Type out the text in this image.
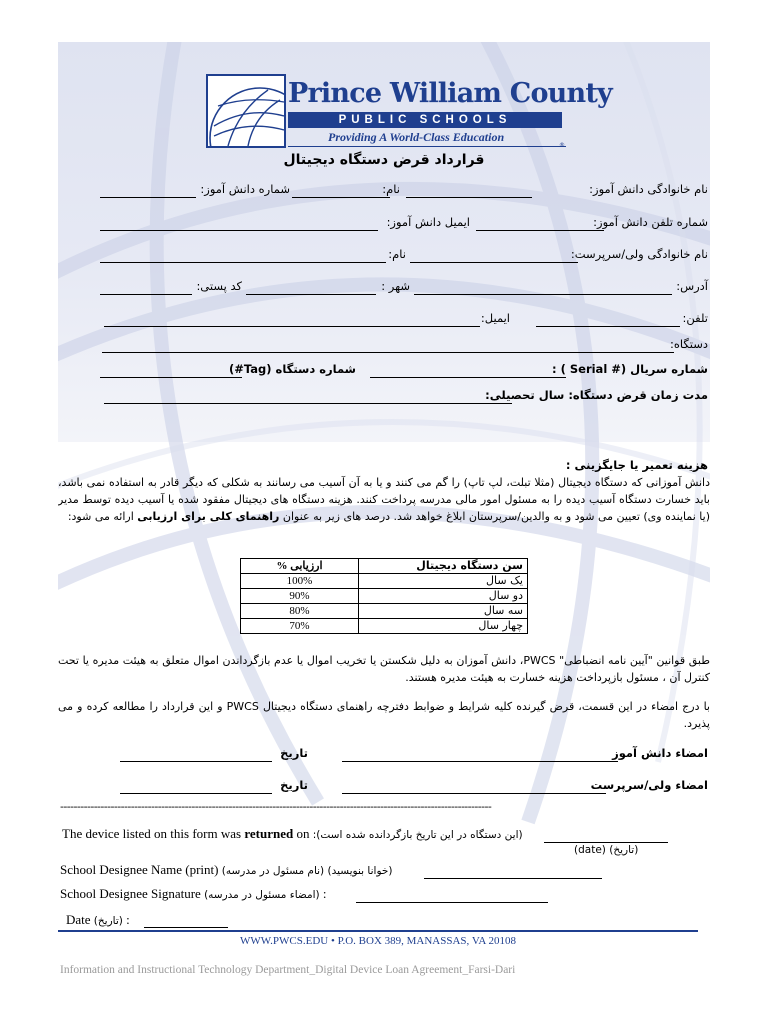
Prince William County
PUBLIC SCHOOLS
Providing A World-Class Education
®
قرارداد قرض دستگاه دیجیتال
نام خانوادگی دانش آموز:
نام:
شماره دانش آموز:
شماره تلفن دانش آموز:
ایمیل دانش آموز:
نام خانوادگی ولی/سرپرست:
نام:
آدرس:
شهر :
کد پستی:
تلفن:
ایمیل:
دستگاه:
شماره سریال (# Serial ) :
شماره دستگاه (Tag#)
مدت زمان قرض دستگاه: سال تحصیلی:
هزینه تعمیر یا جایگزینی :
دانش آموزانی که دستگاه دیجیتال (مثلا تبلت، لپ تاپ) را گم می کنند و یا به آن آسیب می رسانند به شکلی که دیگر قادر به استفاده نمی باشد، باید خسارت دستگاه آسیب دیده را به مسئول امور مالی مدرسه پرداخت کنند. هزینه دستگاه های دیجیتال مفقود شده یا آسیب دیده توسط مدیر (یا نماینده وی) تعیین می شود و به والدین/سرپرستان ابلاغ خواهد شد. درصد های زیر به عنوان راهنمای کلی برای ارزیابی ارائه می شود:
% ارزیابی	سن دستگاه دیجیتال
100%	یک سال
90%	دو سال
80%	سه سال
70%	چهار سال
طبق قوانین "آیین نامه انضباطی" PWCS، دانش آموزان به دلیل شکستن یا تخریب اموال یا عدم بازگرداندن اموال متعلق به هیئت مدیره یا تحت کنترل آن ، مسئول بازپرداخت هزینه خسارت به هیئت مدیره هستند.
با درج امضاء در این قسمت، قرض گیرنده کلیه شرایط و ضوابط دفترچه راهنمای دستگاه دیجیتال PWCS و این قرارداد را مطالعه کرده و می پذیرد.
امضاء دانش آموز
تاریخ
امضاء ولی/سرپرست
تاریخ
--------------------------------------------------------------------------------------------------------------------------------
The device listed on this form was returned on (این دستگاه در این تاریخ بازگردانده شده است):
(date) (تاریخ)
School Designee Name (print) (خوانا بنویسید) (نام مسئول در مدرسه)
School Designee Signature (امضاء مسئول در مدرسه) :
Date (تاریخ) :
WWW.PWCS.EDU • P.O. BOX 389, MANASSAS, VA 20108
Information and Instructional Technology Department_Digital Device Loan Agreement_Farsi-Dari
